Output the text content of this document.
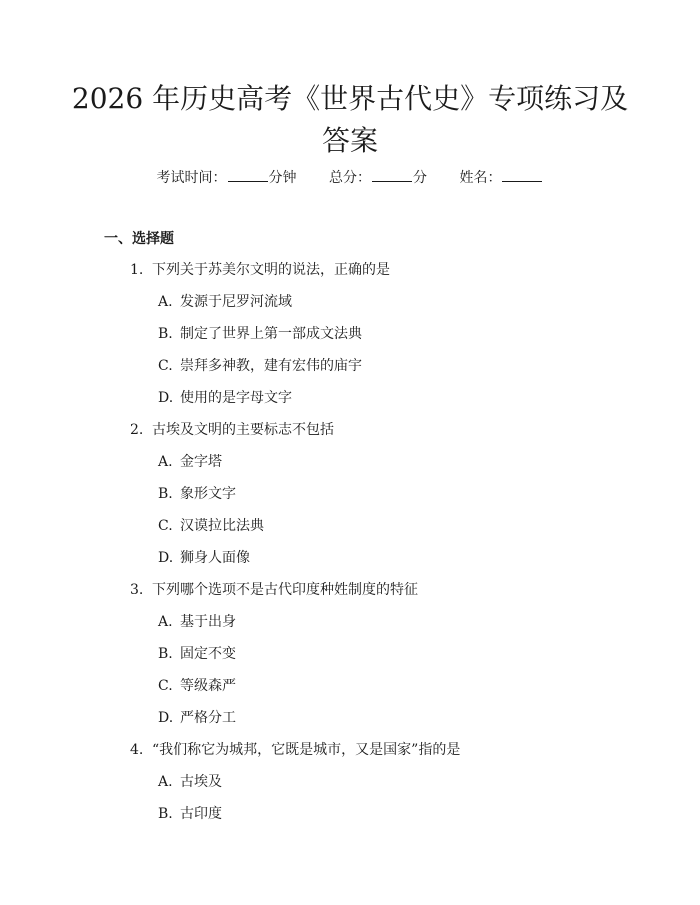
2026 年历史高考《世界古代史》专项练习及答案
考试时间：	分钟 总分：	分 姓名：
一、选择题
1. 下列关于苏美尔文明的说法，正确的是
A. 发源于尼罗河流域
B. 制定了世界上第一部成文法典
C. 崇拜多神教，建有宏伟的庙宇
D. 使用的是字母文字
2. 古埃及文明的主要标志不包括
A. 金字塔
B. 象形文字
C. 汉谟拉比法典
D. 狮身人面像
3. 下列哪个选项不是古代印度种姓制度的特征
A. 基于出身
B. 固定不变
C. 等级森严
D. 严格分工
4. “我们称它为城邦，它既是城市，又是国家”指的是
A. 古埃及
B. 古印度
